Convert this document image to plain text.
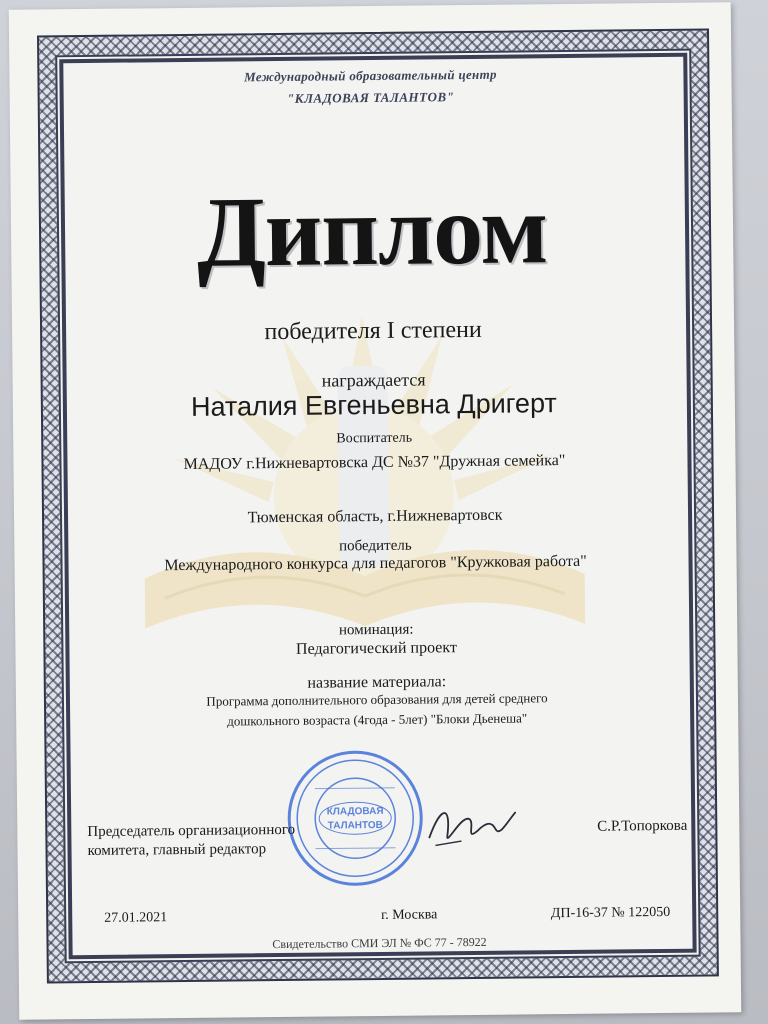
Международный образовательный центр
"КЛАДОВАЯ ТАЛАНТОВ"
Диплом
победителя I степени
награждается
Наталия Евгеньевна Дригерт
Воспитатель
МАДОУ г.Нижневартовска ДС №37 "Дружная семейка"
Тюменская область, г.Нижневартовск
победитель
Международного конкурса для педагогов "Кружковая работа"
номинация:
Педагогический проект
название материала:
Программа дополнительного образования для детей среднего
дошкольного возраста (4года - 5лет) "Блоки Дьенеша"
КЛАДОВАЯ
ТАЛАНТОВ
Председатель организационного
комитета, главный редактор
С.Р.Топоркова
27.01.2021	г. Москва	ДП-16-37 № 122050
Свидетельство СМИ ЭЛ № ФС 77 - 78922
